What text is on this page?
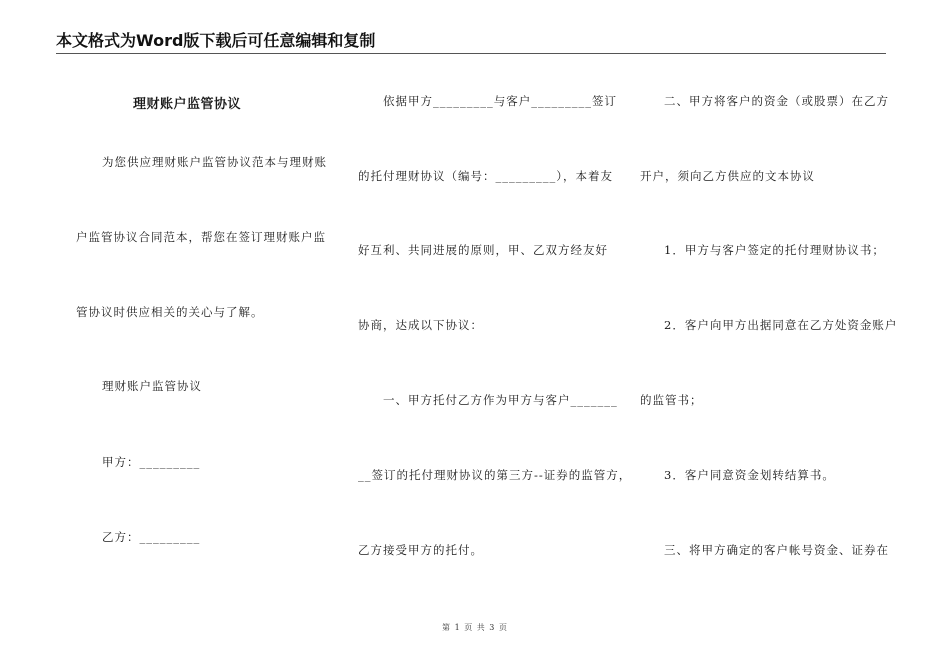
本文格式为Word版下载后可任意编辑和复制
理财账户监管协议
为您供应理财账户监管协议范本与理财账
户监管协议合同范本，帮您在签订理财账户监
管协议时供应相关的关心与了解。
理财账户监管协议
甲方：_________
乙方：_________
依据甲方_________与客户_________签订
的托付理财协议（编号：_________），本着友
好互利、共同进展的原则，甲、乙双方经友好
协商，达成以下协议：
一、甲方托付乙方作为甲方与客户_______
__签订的托付理财协议的第三方--证券的监管方，
乙方接受甲方的托付。
二、甲方将客户的资金（或股票）在乙方
开户，须向乙方供应的文本协议
1．甲方与客户签定的托付理财协议书；
2．客户向甲方出据同意在乙方处资金账户
的监管书；
3．客户同意资金划转结算书。
三、将甲方确定的客户帐号资金、证券在
第 1 页 共 3 页
